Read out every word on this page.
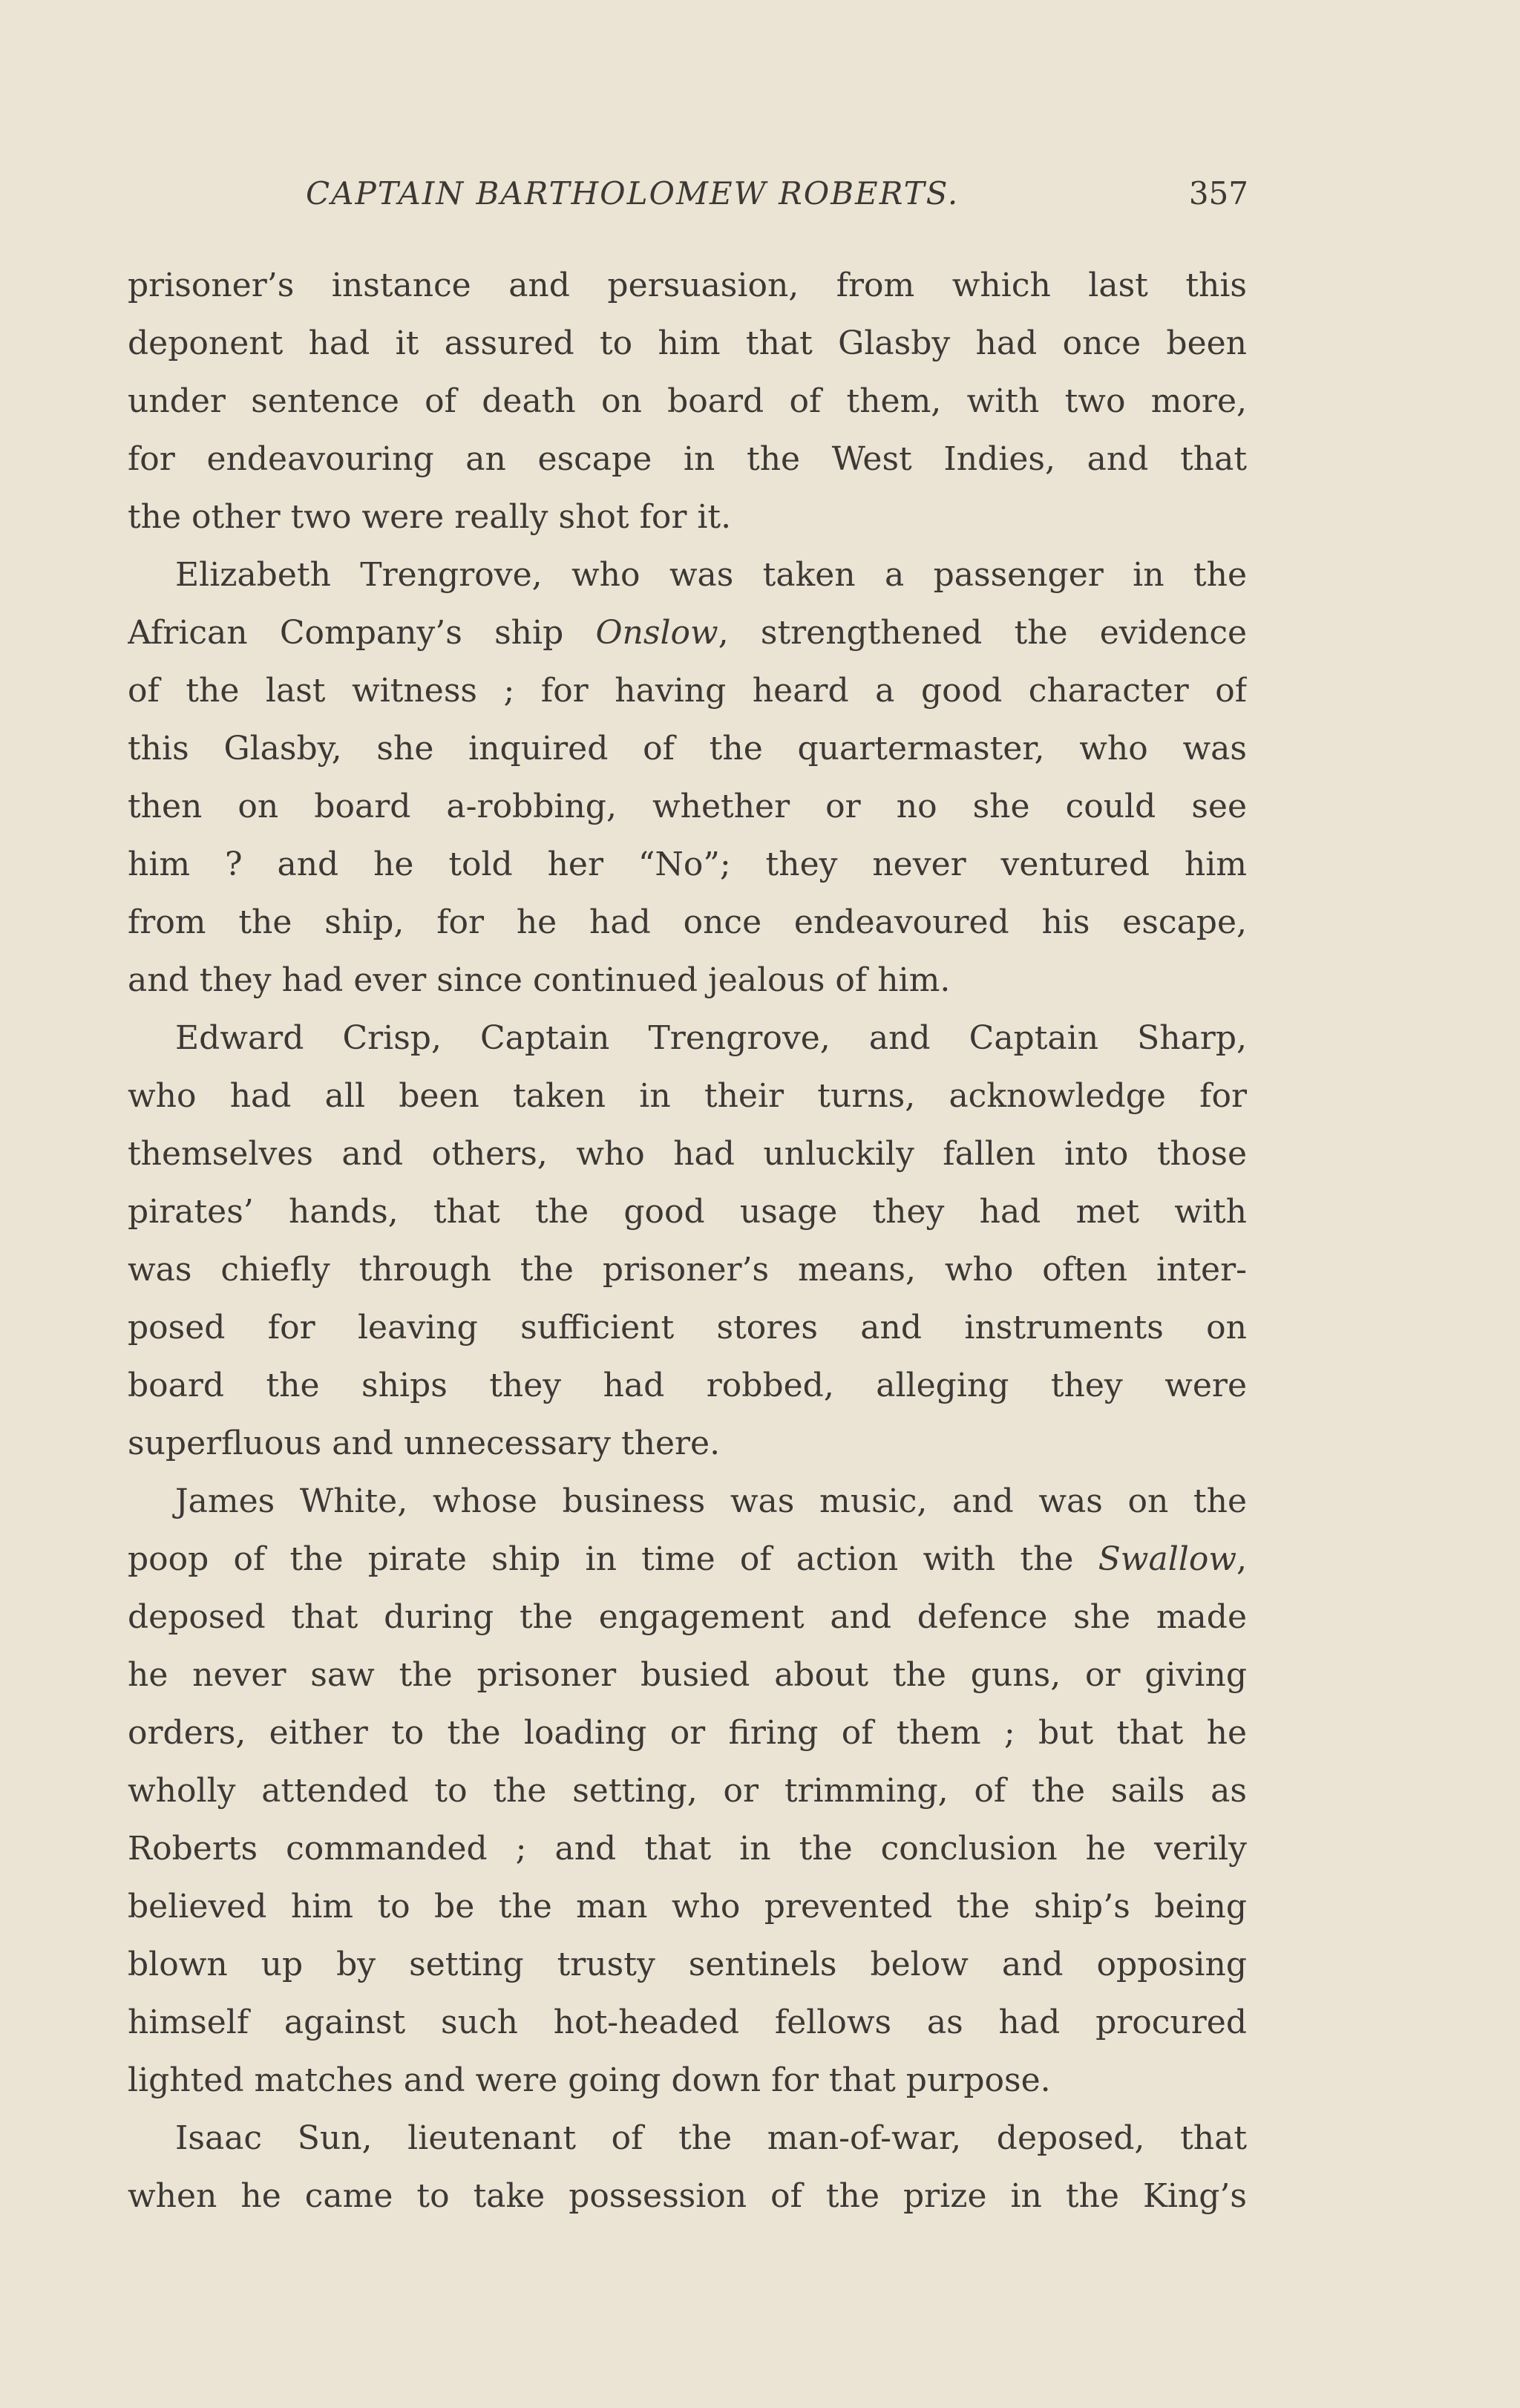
CAPTAIN BARTHOLOMEW ROBERTS.	357
prisoner’s instance and persuasion, from which last this
deponent had it assured to him that Glasby had once been
under sentence of death on board of them, with two more,
for endeavouring an escape in the West Indies, and that
the other two were really shot for it.
Elizabeth Trengrove, who was taken a passenger in the
African Company’s ship Onslow, strengthened the evidence
of the last witness ; for having heard a good character of
this Glasby, she inquired of the quartermaster, who was
then on board a-robbing, whether or no she could see
him ? and he told her “No”; they never ventured him
from the ship, for he had once endeavoured his escape,
and they had ever since continued jealous of him.
Edward Crisp, Captain Trengrove, and Captain Sharp,
who had all been taken in their turns, acknowledge for
themselves and others, who had unluckily fallen into those
pirates’ hands, that the good usage they had met with
was chiefly through the prisoner’s means, who often inter-
posed for leaving sufficient stores and instruments on
board the ships they had robbed, alleging they were
superfluous and unnecessary there.
James White, whose business was music, and was on the
poop of the pirate ship in time of action with the Swallow,
deposed that during the engagement and defence she made
he never saw the prisoner busied about the guns, or giving
orders, either to the loading or firing of them ; but that he
wholly attended to the setting, or trimming, of the sails as
Roberts commanded ; and that in the conclusion he verily
believed him to be the man who prevented the ship’s being
blown up by setting trusty sentinels below and opposing
himself against such hot-headed fellows as had procured
lighted matches and were going down for that purpose.
Isaac Sun, lieutenant of the man-of-war, deposed, that
when he came to take possession of the prize in the King’s
